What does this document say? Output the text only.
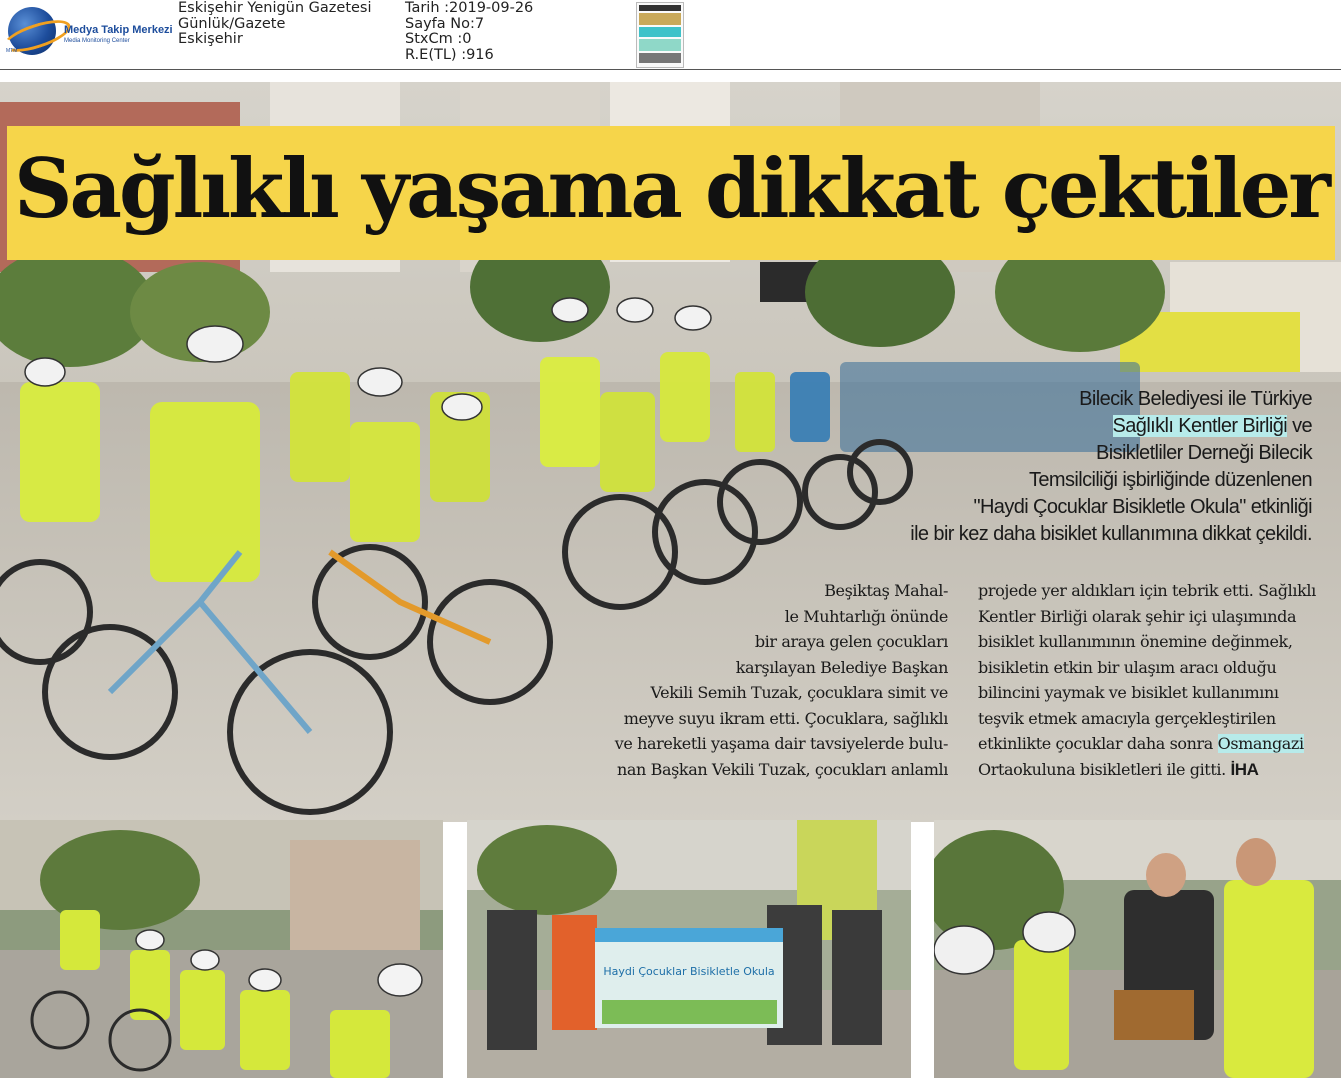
Medya Takip Merkezi
Media Monitoring Center
MTM
Eskişehir Yenigün Gazetesi
Günlük/Gazete
Eskişehir
Tarih :2019-09-26
Sayfa No:7
StxCm :0
R.E(TL) :916
Sağlıklı yaşama dikkat çektiler
Bilecik Belediyesi ile Türkiye
Sağlıklı Kentler Birliği ve
Bisikletliler Derneği Bilecik
Temsilciliği işbirliğinde düzenlenen
"Haydi Çocuklar Bisikletle Okula" etkinliği
ile bir kez daha bisiklet kullanımına dikkat çekildi.
Beşiktaş Mahal-
le Muhtarlığı önünde
bir araya gelen çocukları
karşılayan Belediye Başkan
Vekili Semih Tuzak, çocuklara simit ve
meyve suyu ikram etti. Çocuklara, sağlıklı
ve hareketli yaşama dair tavsiyelerde bulu-
nan Başkan Vekili Tuzak, çocukları anlamlı
projede yer aldıkları için tebrik etti. Sağlıklı
Kentler Birliği olarak şehir içi ulaşımında
bisiklet kullanımının önemine değinmek,
bisikletin etkin bir ulaşım aracı olduğu
bilincini yaymak ve bisiklet kullanımını
teşvik etmek amacıyla gerçekleştirilen
etkinlikte çocuklar daha sonra Osmangazi
Ortaokuluna bisikletleri ile gitti. İHA
Haydi Çocuklar Bisikletle Okula
